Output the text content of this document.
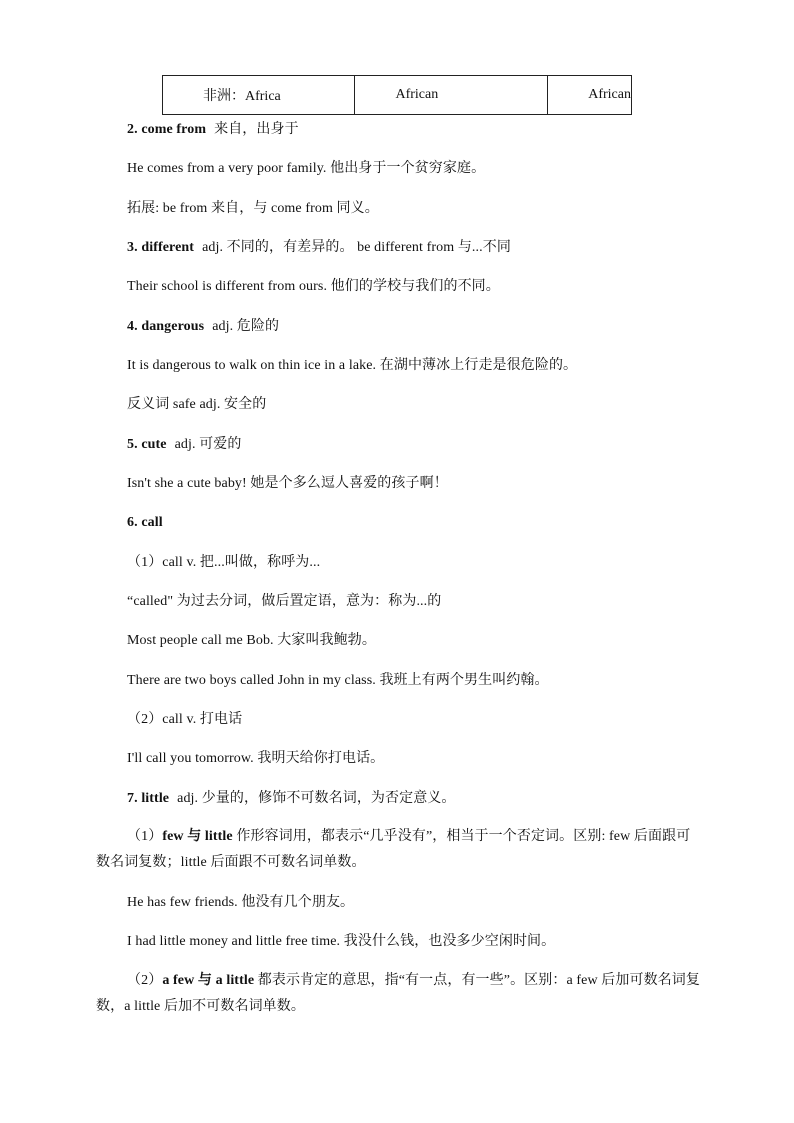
非洲：Africa	African	African
2. come from 来自，出身于
He comes from a very poor family. 他出身于一个贫穷家庭。
拓展: be from 来自，与 come from 同义。
3. different adj. 不同的，有差异的。 be different from 与...不同
Their school is different from ours. 他们的学校与我们的不同。
4. dangerous adj. 危险的
It is dangerous to walk on thin ice in a lake. 在湖中薄冰上行走是很危险的。
反义词 safe adj. 安全的
5. cute adj. 可爱的
Isn't she a cute baby! 她是个多么逗人喜爱的孩子啊！
6. call
（1）call v. 把...叫做，称呼为...
“called" 为过去分词，做后置定语，意为：称为...的
Most people call me Bob. 大家叫我鲍勃。
There are two boys called John in my class. 我班上有两个男生叫约翰。
（2）call v. 打电话
I'll call you tomorrow. 我明天给你打电话。
7. little adj. 少量的，修饰不可数名词，为否定意义。
（1）few 与 little 作形容词用，都表示“几乎没有”，相当于一个否定词。区别: few 后面跟可数名词复数；little 后面跟不可数名词单数。
He has few friends. 他没有几个朋友。
I had little money and little free time. 我没什么钱，也没多少空闲时间。
（2）a few 与 a little 都表示肯定的意思，指“有一点，有一些”。区别：a few 后加可数名词复数，a little 后加不可数名词单数。
